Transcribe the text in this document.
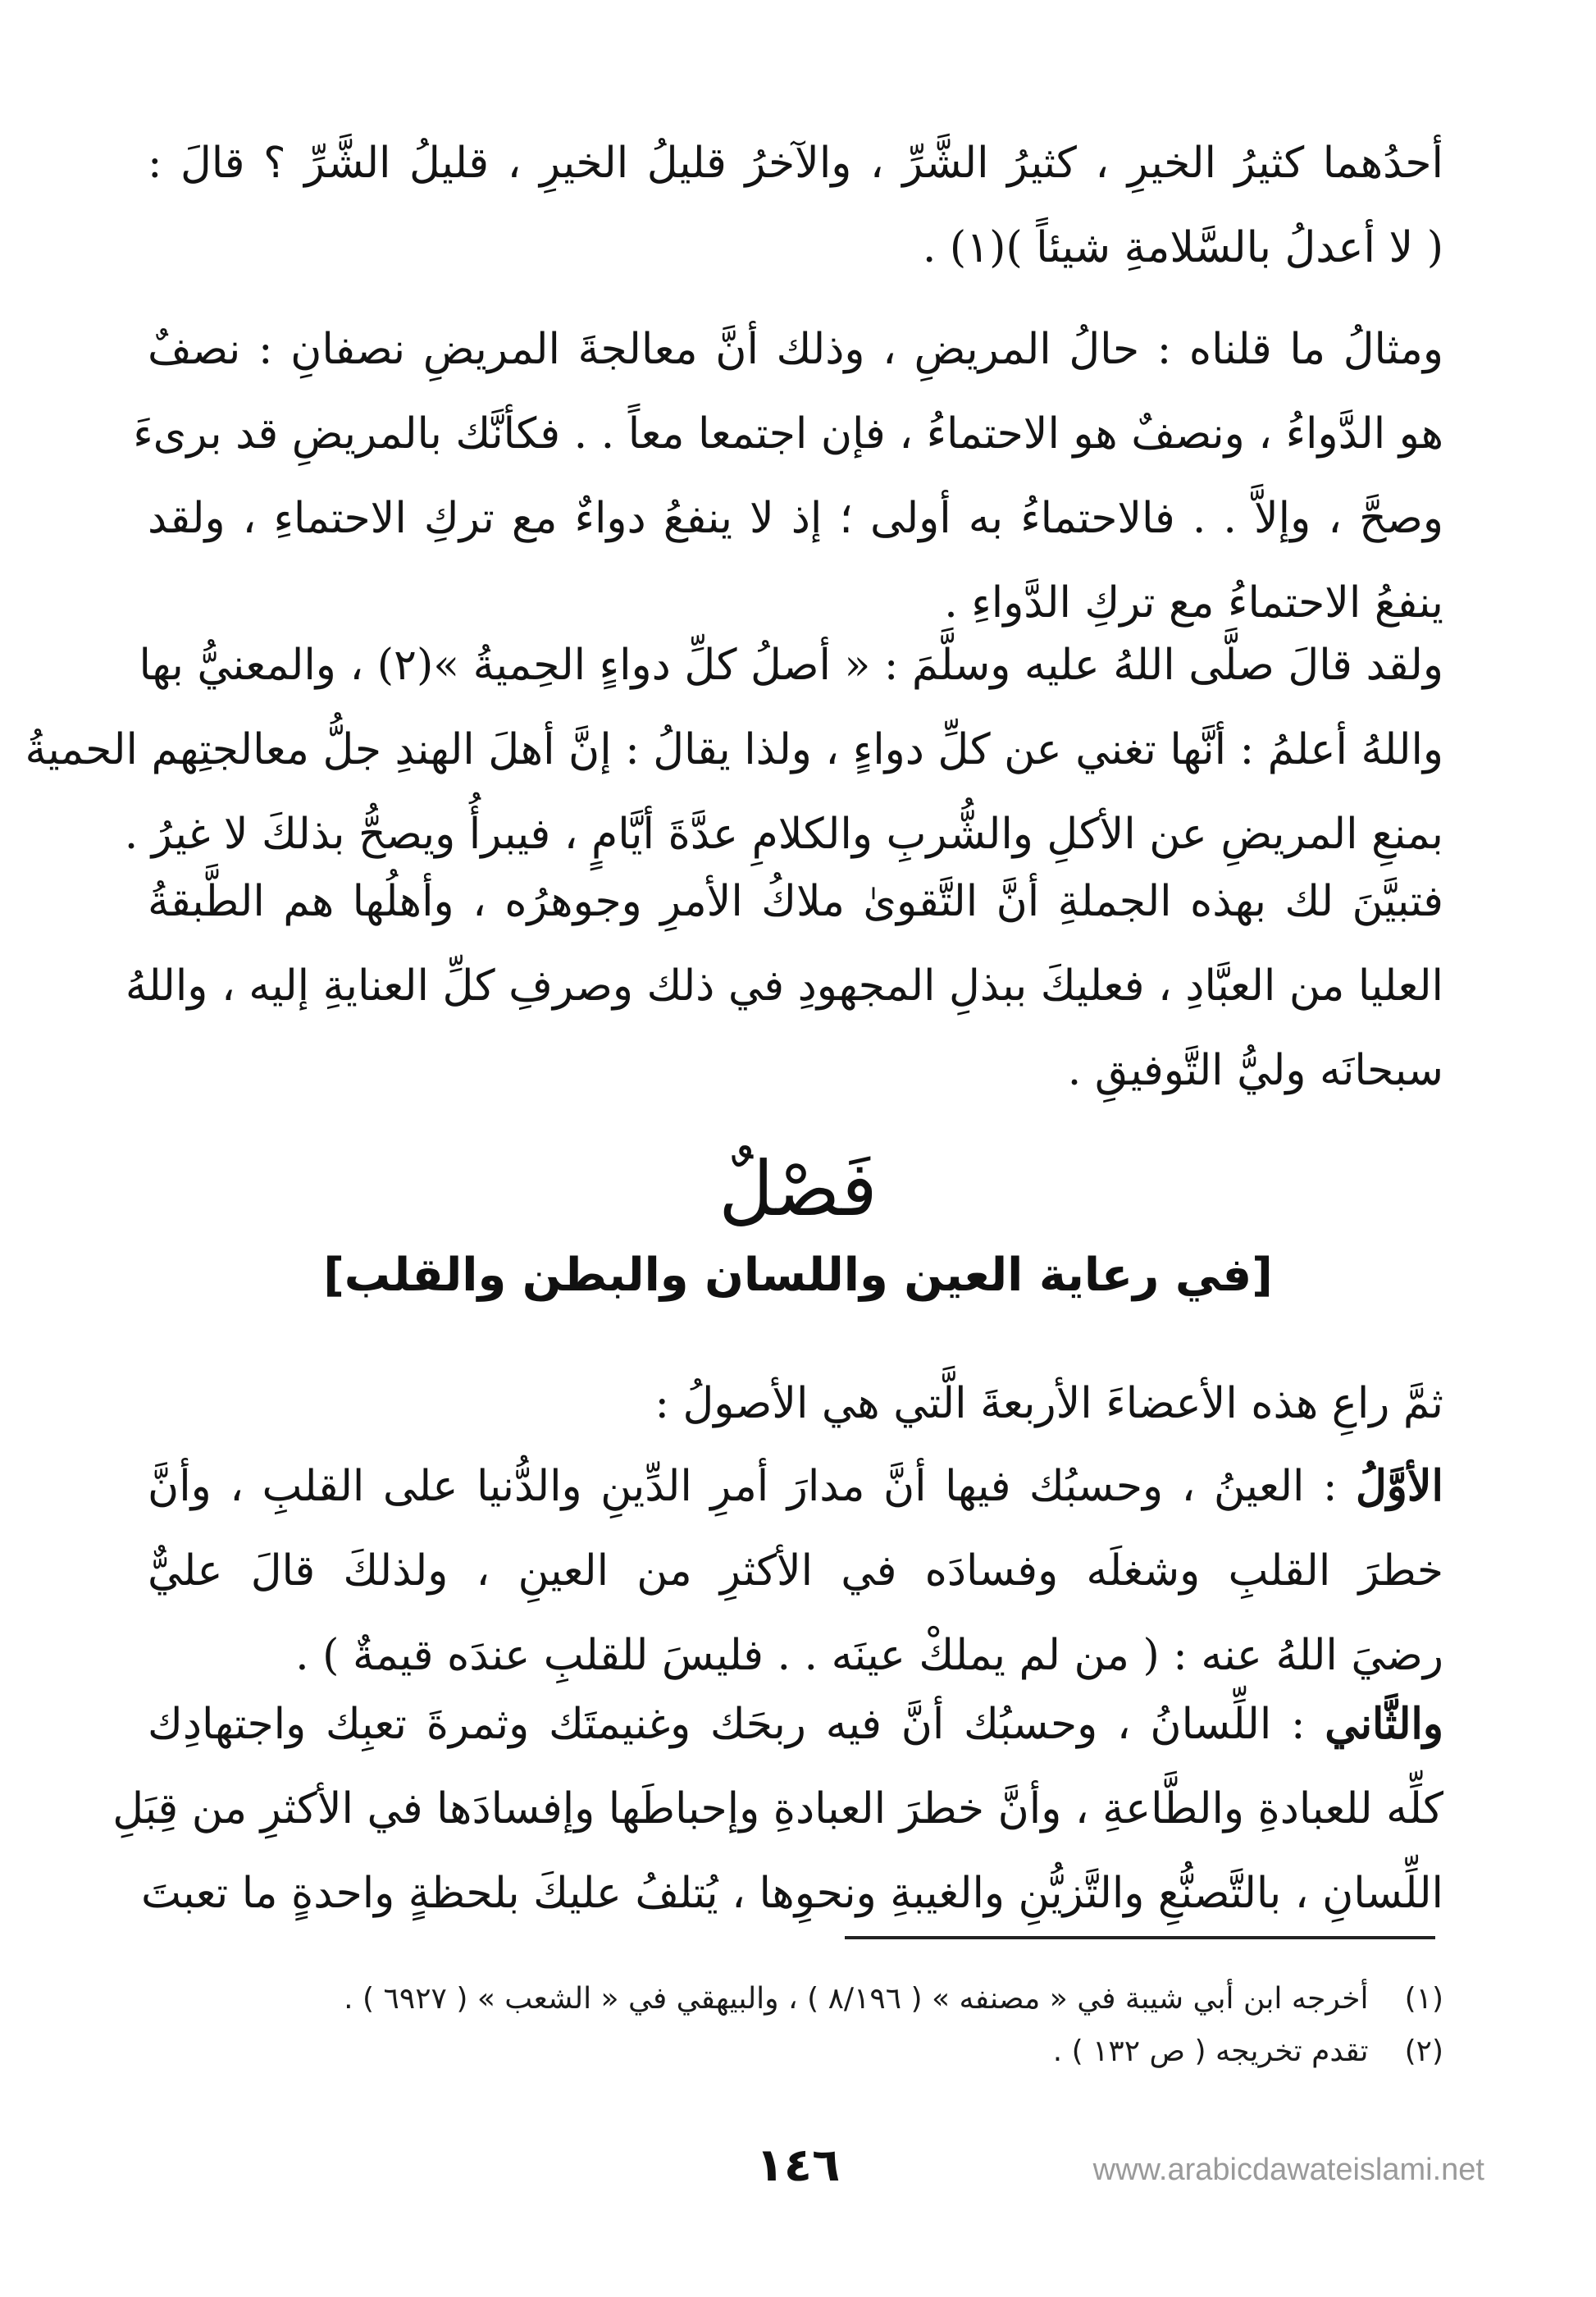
أحدُهما كثيرُ الخيرِ ، كثيرُ الشَّرِّ ، والآخرُ قليلُ الخيرِ ، قليلُ الشَّرِّ ؟ قالَ :
( لا أعدلُ بالسَّلامةِ شيئاً )(١) .
ومثالُ ما قلناه : حالُ المريضِ ، وذلك أنَّ معالجةَ المريضِ نصفانِ : نصفٌ
هو الدَّواءُ ، ونصفٌ هو الاحتماءُ ، فإن اجتمعا معاً . . فكأنَّك بالمريضِ قد برىءَ
وصحَّ ، وإلاَّ . . فالاحتماءُ به أولى ؛ إذ لا ينفعُ دواءٌ مع تركِ الاحتماءِ ، ولقد
ينفعُ الاحتماءُ مع تركِ الدَّواءِ .
ولقد قالَ صلَّى اللهُ عليه وسلَّمَ : « أصلُ كلِّ دواءٍ الحِميةُ »(٢) ، والمعنيُّ بها
واللهُ أعلمُ : أنَّها تغني عن كلِّ دواءٍ ، ولذا يقالُ : إنَّ أهلَ الهندِ جلُّ معالجتِهم الحميةُ
بمنعِ المريضِ عن الأكلِ والشُّربِ والكلامِ عدَّةَ أيَّامٍ ، فيبرأُ ويصحُّ بذلكَ لا غيرُ .
فتبيَّنَ لك بهذه الجملةِ أنَّ التَّقوىٰ ملاكُ الأمرِ وجوهرُه ، وأهلُها هم الطَّبقةُ
العليا من العبَّادِ ، فعليكَ ببذلِ المجهودِ في ذلك وصرفِ كلِّ العنايةِ إليه ، واللهُ
سبحانَه وليُّ التَّوفيقِ .
فَصْلٌ
[في رعاية العين واللسان والبطن والقلب]
ثمَّ راعِ هذه الأعضاءَ الأربعةَ الَّتي هي الأصولُ :
الأوَّلُ : العينُ ، وحسبُك فيها أنَّ مدارَ أمرِ الدِّينِ والدُّنيا على القلبِ ، وأنَّ
خطرَ القلبِ وشغلَه وفسادَه في الأكثرِ من العينِ ، ولذلكَ قالَ عليٌّ
رضيَ اللهُ عنه : ( من لم يملكْ عينَه . . فليسَ للقلبِ عندَه قيمةٌ ) .
والثَّاني : اللِّسانُ ، وحسبُك أنَّ فيه ربحَك وغنيمتَك وثمرةَ تعبِك واجتهادِك
كلِّه للعبادةِ والطَّاعةِ ، وأنَّ خطرَ العبادةِ وإحباطَها وإفسادَها في الأكثرِ من قِبَلِ
اللِّسانِ ، بالتَّصنُّعِ والتَّزيُّنِ والغيبةِ ونحوِها ، يُتلفُ عليكَ بلحظةٍ واحدةٍ ما تعبتَ
(١) أخرجه ابن أبي شيبة في « مصنفه » ( ٨/١٩٦ ) ، والبيهقي في « الشعب » ( ٦٩٢٧ ) .
(٢) تقدم تخريجه ( ص ١٣٢ ) .
١٤٦	www.arabicdawateislami.net
